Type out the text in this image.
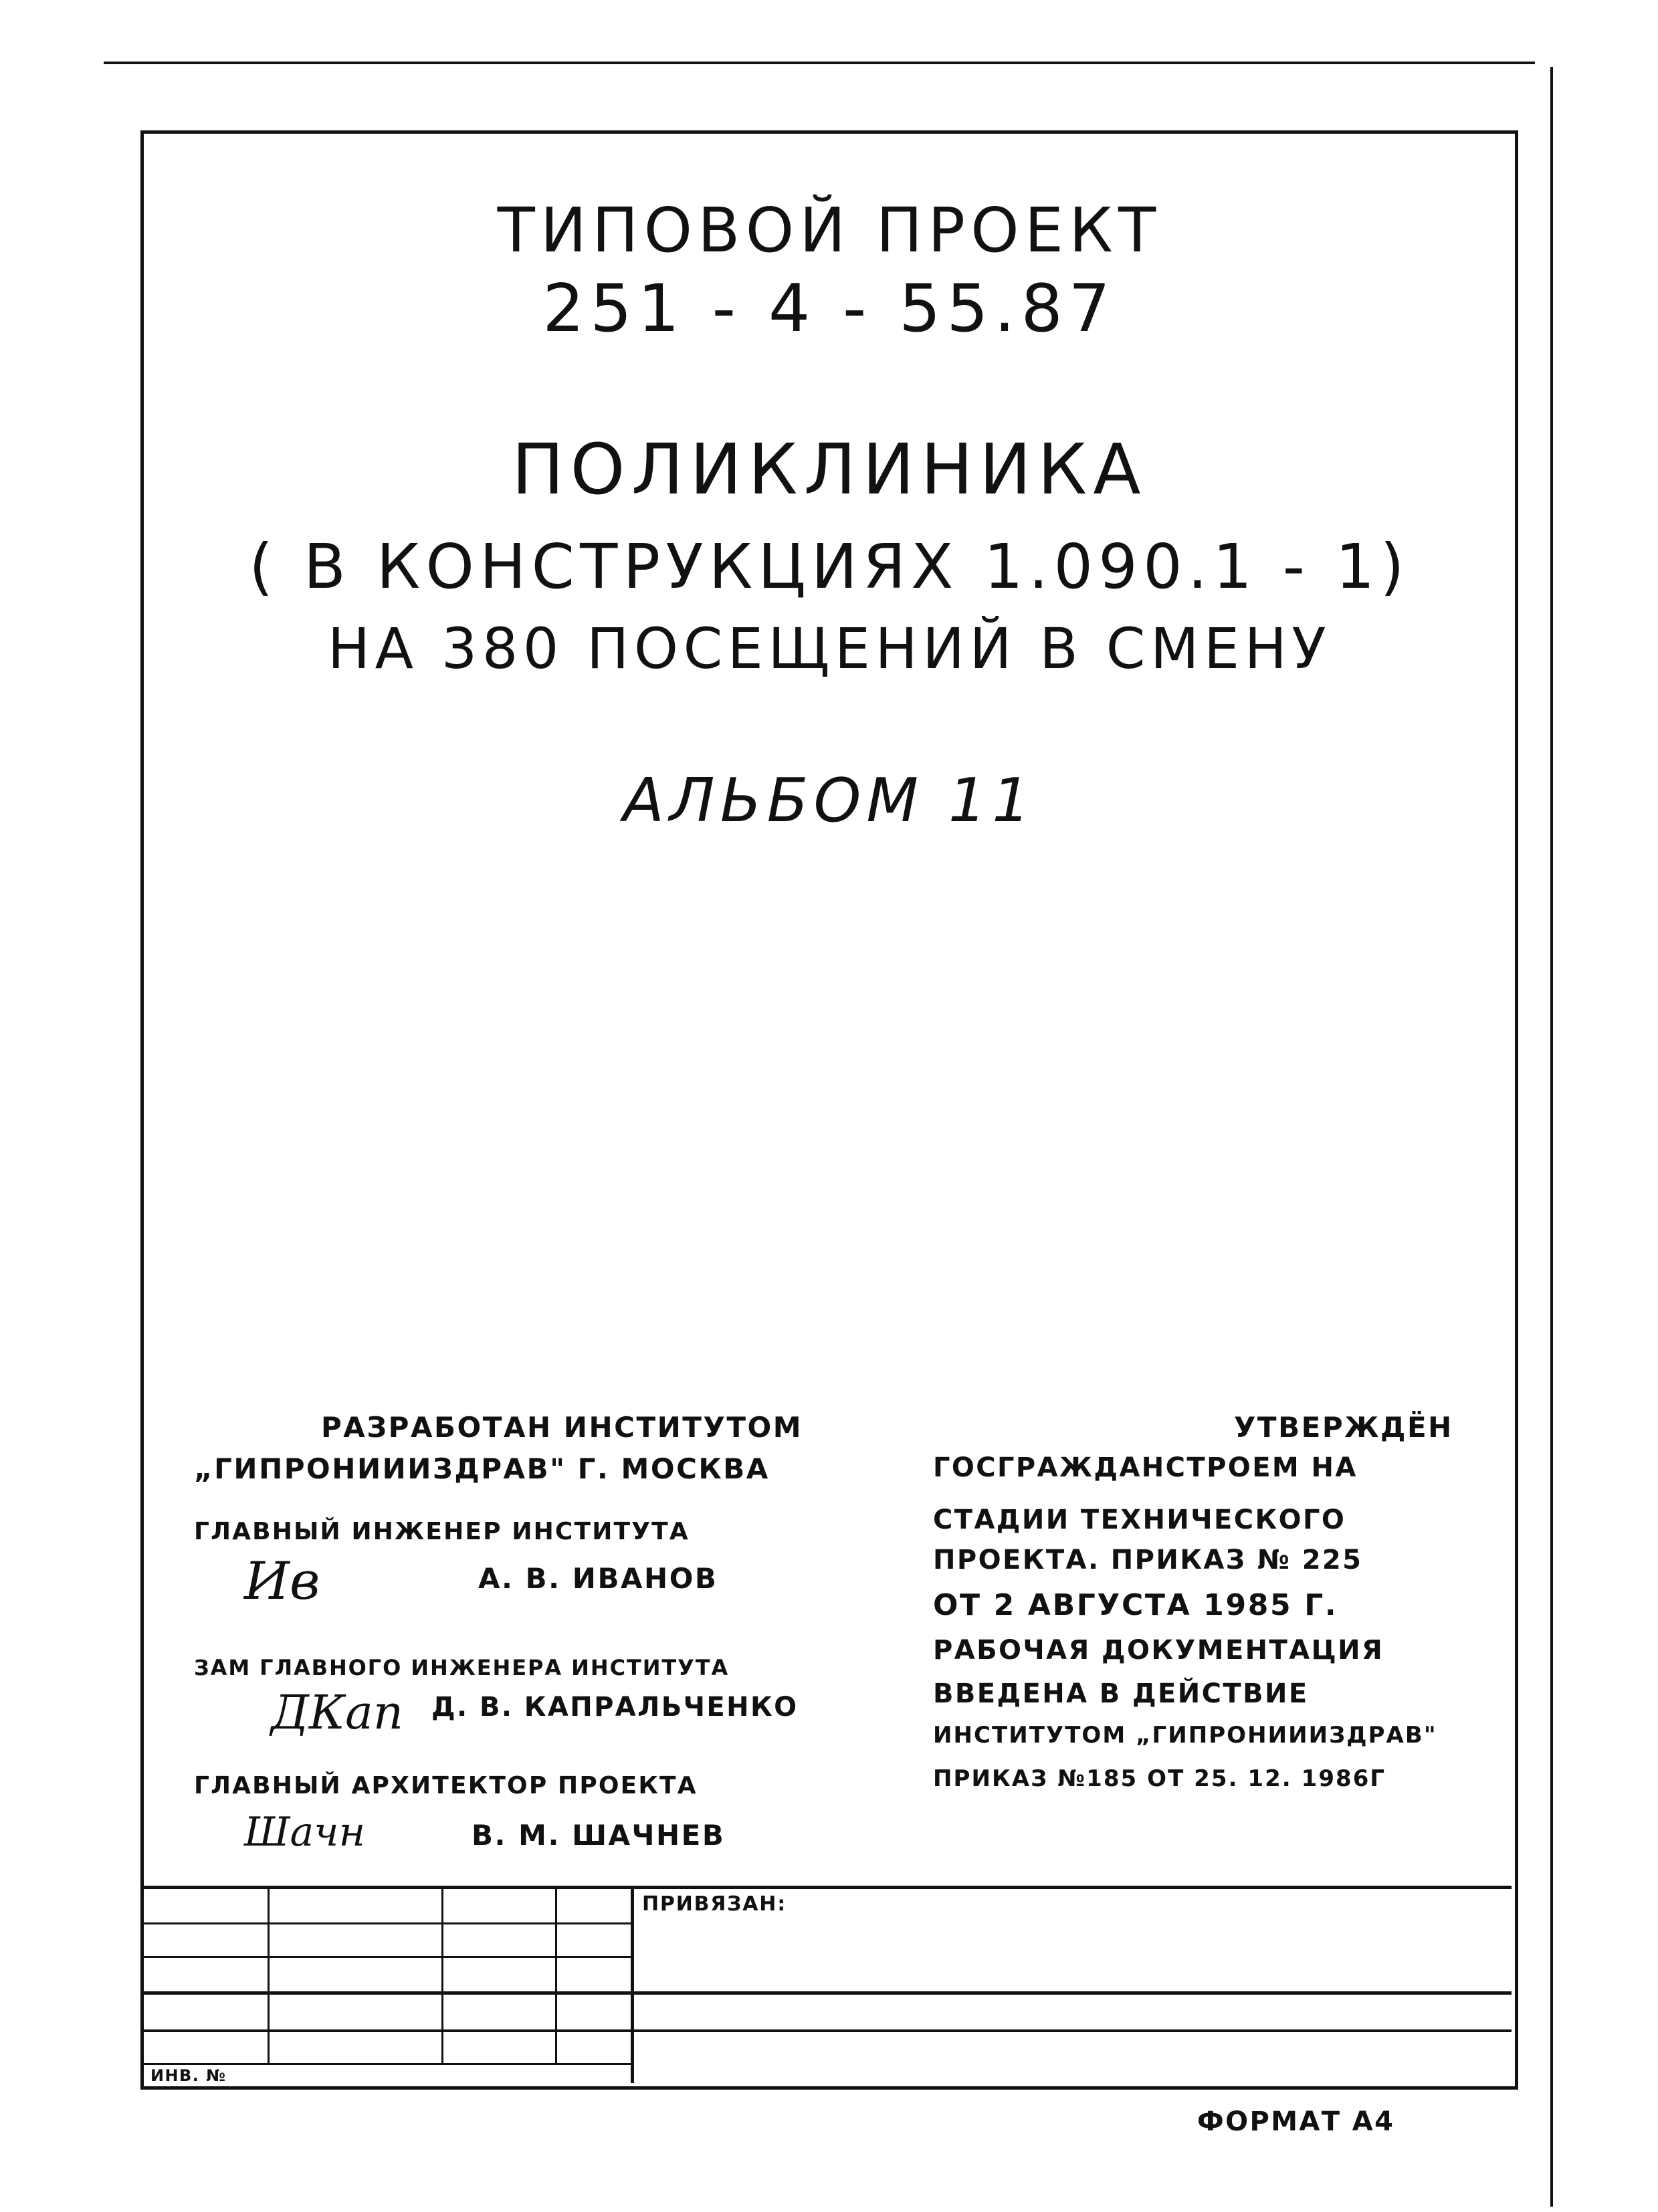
ТИПОВОЙ ПРОЕКТ
251 - 4 - 55.87
ПОЛИКЛИНИКА
( В КОНСТРУКЦИЯХ 1.090.1 - 1)
НА 380 ПОСЕЩЕНИЙ В СМЕНУ
АЛЬБОМ 11
РАЗРАБОТАН ИНСТИТУТОМ
„ГИПРОНИИИЗДРАВ" Г. МОСКВА
ГЛАВНЫЙ ИНЖЕНЕР ИНСТИТУТА
Ив	А. В. ИВАНОВ
ЗАМ ГЛАВНОГО ИНЖЕНЕРА ИНСТИТУТА
ДКап Д. В. КАПРАЛЬЧЕНКО
ГЛАВНЫЙ АРХИТЕКТОР ПРОЕКТА
Шачн	В. М. ШАЧНЕВ
УТВЕРЖДЁН
ГОСГРАЖДАНСТРОЕМ НА
СТАДИИ ТЕХНИЧЕСКОГО
ПРОЕКТА. ПРИКАЗ № 225
ОТ 2 АВГУСТА 1985 Г.
РАБОЧАЯ ДОКУМЕНТАЦИЯ
ВВЕДЕНА В ДЕЙСТВИЕ
ИНСТИТУТОМ „ГИПРОНИИИЗДРАВ"
ПРИКАЗ №185 ОТ 25. 12. 1986Г
ПРИВЯЗАН:
ИНВ. №
ФОРМАТ А4
